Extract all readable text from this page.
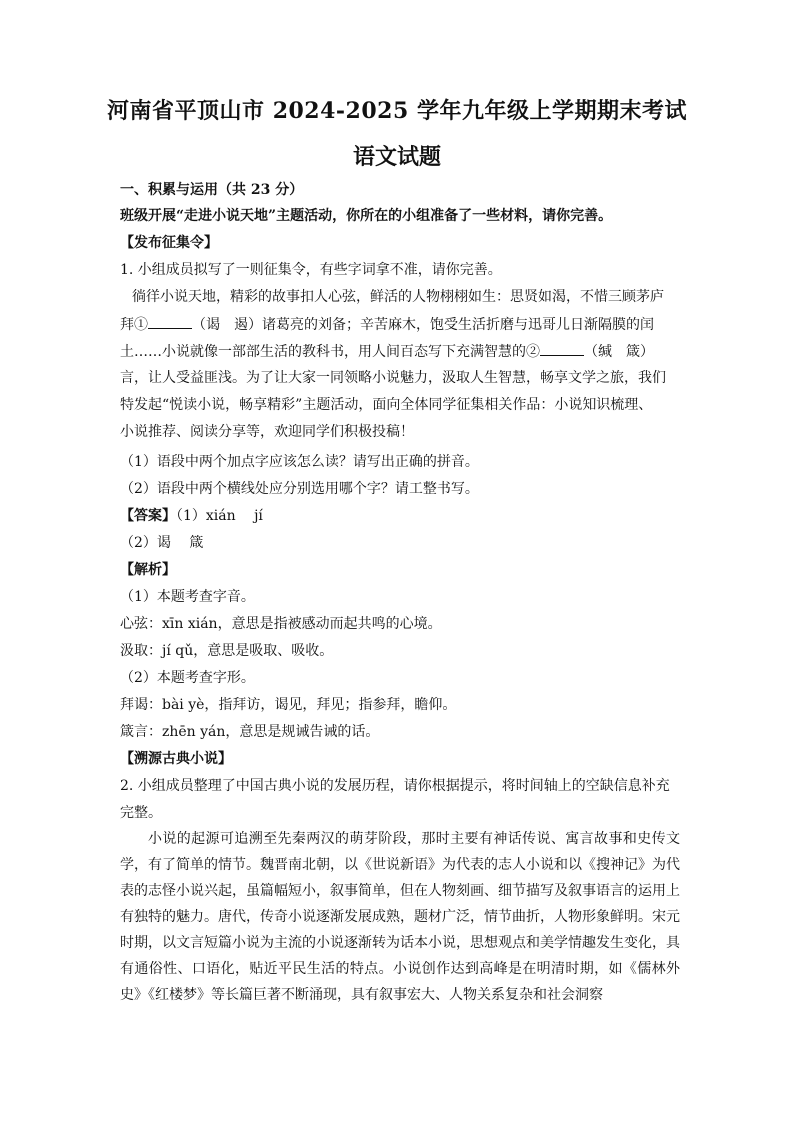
河南省平顶山市 2024-2025 学年九年级上学期期末考试
语文试题
一、积累与运用（共 23 分）
班级开展“走进小说天地”主题活动，你所在的小组准备了一些材料，请你完善。
【发布征集令】
1. 小组成员拟写了一则征集令，有些字词拿不准，请你完善。
徜徉小说天地，精彩的故事扣人心弦，鲜活的人物栩栩如生：思贤如渴，不惜三顾茅庐
拜①	（谒　遏）诸葛亮的刘备；辛苦麻木，饱受生活折磨与迅哥儿日渐隔膜的闰
土……小说就像一部部生活的教科书，用人间百态写下充满智慧的②	（缄　箴）
言，让人受益匪浅。为了让大家一同领略小说魅力，汲取人生智慧，畅享文学之旅，我们
特发起“悦读小说，畅享精彩”主题活动，面向全体同学征集相关作品：小说知识梳理、
小说推荐、阅读分享等，欢迎同学们积极投稿！
（1）语段中两个加点字应该怎么读？请写出正确的拼音。
（2）语段中两个横线处应分别选用哪个字？请工整书写。
【答案】（1）xián　 jí
（2）谒　 箴
【解析】
（1）本题考查字音。
心弦：xīn xián，意思是指被感动而起共鸣的心境。
汲取：jí qǔ，意思是吸取、吸收。
（2）本题考查字形。
拜谒：bài yè，指拜访，谒见，拜见；指参拜，瞻仰。
箴言：zhēn yán，意思是规诫告诫的话。
【溯源古典小说】
2. 小组成员整理了中国古典小说的发展历程，请你根据提示，将时间轴上的空缺信息补充
完整。
小说的起源可追溯至先秦两汉的萌芽阶段，那时主要有神话传说、寓言故事和史传文学，有了简单的情节。魏晋南北朝，以《世说新语》为代表的志人小说和以《搜神记》为代表的志怪小说兴起，虽篇幅短小，叙事简单，但在人物刻画、细节描写及叙事语言的运用上有独特的魅力。唐代，传奇小说逐渐发展成熟，题材广泛，情节曲折，人物形象鲜明。宋元时期，以文言短篇小说为主流的小说逐渐转为话本小说，思想观点和美学情趣发生变化，具有通俗性、口语化，贴近平民生活的特点。小说创作达到高峰是在明清时期，如《儒林外史》《红楼梦》等长篇巨著不断涌现，具有叙事宏大、人物关系复杂和社会洞察
